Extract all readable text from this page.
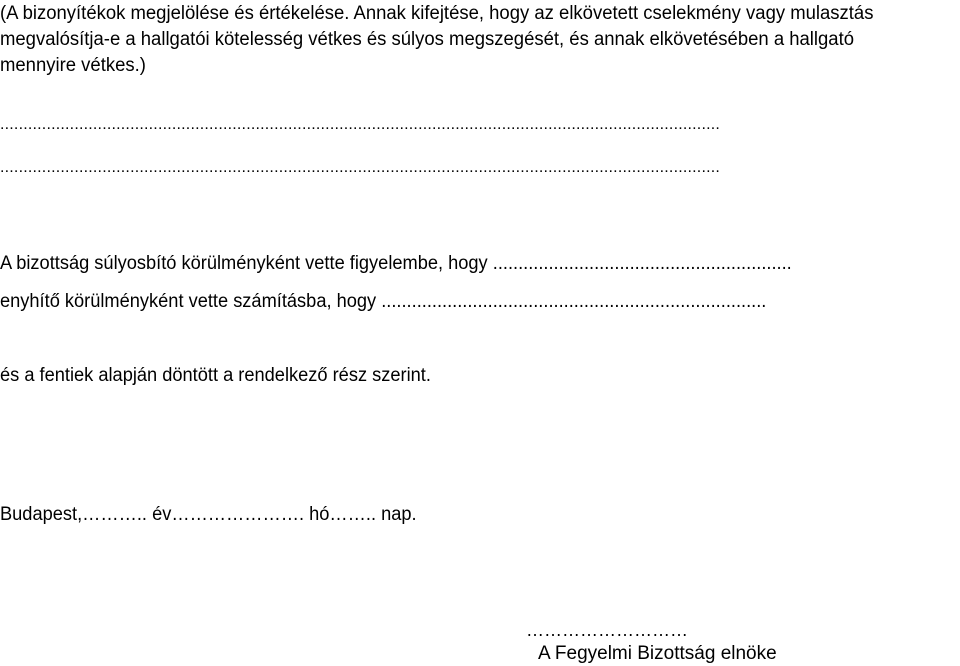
(A bizonyítékok megjelölése és értékelése. Annak kifejtése, hogy az elkövetett cselekmény vagy mulasztás
megvalósítja-e a hallgatói kötelesség vétkes és súlyos megszegését, és annak elkövetésében a hallgató
mennyire vétkes.)
...........................................................................................................................................................
...........................................................................................................................................................
A bizottság súlyosbító körülményként vette figyelembe, hogy ...........................................................
enyhítő körülményként vette számításba, hogy ............................................................................
és a fentiek alapján döntött a rendelkező rész szerint.
Budapest,……….. év…………………. hó…….. nap.
………………………
A Fegyelmi Bizottság elnöke
